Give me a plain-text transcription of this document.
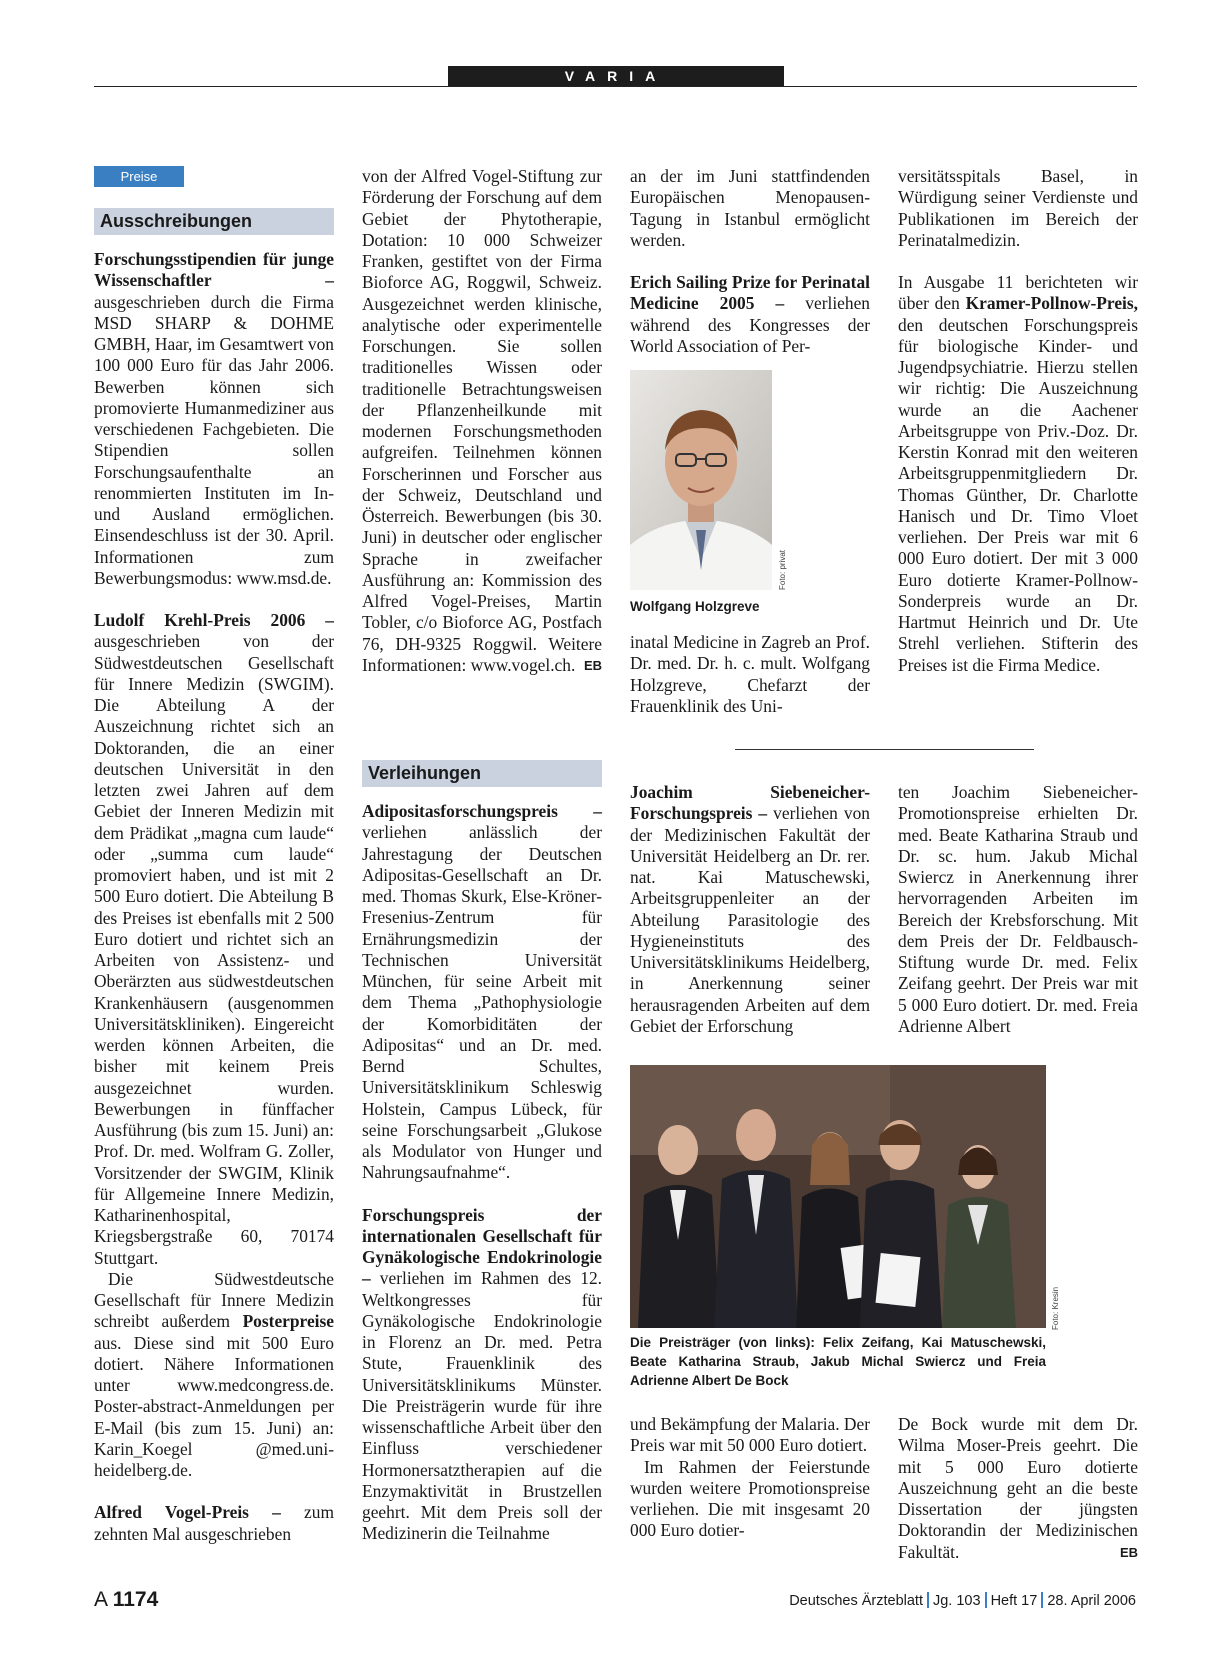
VARIA
Preise
Ausschreibungen

Forschungsstipendien für junge Wissenschaftler – ausgeschrieben durch die Firma MSD SHARP & DOHME GMBH, Haar, im Gesamtwert von 100 000 Euro für das Jahr 2006. Bewerben können sich promovierte Humanmediziner aus verschiedenen Fachgebieten. Die Stipendien sollen Forschungsaufenthalte an renommierten Instituten im In- und Ausland ermöglichen. Einsendeschluss ist der 30. April. Informationen zum Bewerbungsmodus: www.msd.de.

Ludolf Krehl-Preis 2006 – ausgeschrieben von der Südwestdeutschen Gesellschaft für Innere Medizin (SWGIM). Die Abteilung A der Auszeichnung richtet sich an Doktoranden, die an einer deutschen Universität in den letzten zwei Jahren auf dem Gebiet der Inneren Medizin mit dem Prädikat „magna cum laude“ oder „summa cum laude“ promoviert haben, und ist mit 2 500 Euro dotiert. Die Abteilung B des Preises ist ebenfalls mit 2 500 Euro dotiert und richtet sich an Arbeiten von Assistenz- und Oberärzten aus südwestdeutschen Krankenhäusern (ausgenommen Universitätskliniken). Eingereicht werden können Arbeiten, die bisher mit keinem Preis ausgezeichnet wurden. Bewerbungen in fünffacher Ausführung (bis zum 15. Juni) an: Prof. Dr. med. Wolfram G. Zoller, Vorsitzender der SWGIM, Klinik für Allgemeine Innere Medizin, Katharinenhospital, Kriegsbergstraße 60, 70174 Stuttgart.

Die Südwestdeutsche Gesellschaft für Innere Medizin schreibt außerdem Posterpreise aus. Diese sind mit 500 Euro dotiert. Nähere Informationen unter www.medcongress.de. Poster-abstract-Anmeldungen per E-Mail (bis zum 15. Juni) an: Karin_Koegel @med.uni-heidelberg.de.

Alfred Vogel-Preis – zum zehnten Mal ausgeschrieben

von der Alfred Vogel-Stiftung zur Förderung der Forschung auf dem Gebiet der Phytotherapie, Dotation: 10 000 Schweizer Franken, gestiftet von der Firma Bioforce AG, Roggwil, Schweiz. Ausgezeichnet werden klinische, analytische oder experimentelle Forschungen. Sie sollen traditionelles Wissen oder traditionelle Betrachtungsweisen der Pflanzenheilkunde mit modernen Forschungsmethoden aufgreifen. Teilnehmen können Forscherinnen und Forscher aus der Schweiz, Deutschland und Österreich. Bewerbungen (bis 30. Juni) in deutscher oder englischer Sprache in zweifacher Ausführung an: Kommission des Alfred Vogel-Preises, Martin Tobler, c/o Bioforce AG, Postfach 76, DH-9325 Roggwil. Weitere Informationen: www.vogel.ch. EB

Verleihungen

Adipositasforschungspreis – verliehen anlässlich der Jahrestagung der Deutschen Adipositas-Gesellschaft an Dr. med. Thomas Skurk, Else-Kröner-Fresenius-Zentrum für Ernährungsmedizin der Technischen Universität München, für seine Arbeit mit dem Thema „Pathophysiologie der Komorbiditäten der Adipositas“ und an Dr. med. Bernd Schultes, Universitätsklinikum Schleswig Holstein, Campus Lübeck, für seine Forschungsarbeit „Glukose als Modulator von Hunger und Nahrungsaufnahme“.

Forschungspreis der internationalen Gesellschaft für Gynäkologische Endokrinologie – verliehen im Rahmen des 12. Weltkongresses für Gynäkologische Endokrinologie in Florenz an Dr. med. Petra Stute, Frauenklinik des Universitätsklinikums Münster. Die Preisträgerin wurde für ihre wissenschaftliche Arbeit über den Einfluss verschiedener Hormonersatztherapien auf die Enzymaktivität in Brustzellen geehrt. Mit dem Preis soll der Medizinerin die Teilnahme

an der im Juni stattfindenden Europäischen Menopausen-Tagung in Istanbul ermöglicht werden.

Erich Sailing Prize for Perinatal Medicine 2005 – verliehen während des Kongresses der World Association of Per-

Foto: privat
Wolfgang Holzgreve

inatal Medicine in Zagreb an Prof. Dr. med. Dr. h. c. mult. Wolfgang Holzgreve, Chefarzt der Frauenklinik des Uni-

versitätsspitals Basel, in Würdigung seiner Verdienste und Publikationen im Bereich der Perinatalmedizin.

In Ausgabe 11 berichteten wir über den Kramer-Pollnow-Preis, den deutschen Forschungspreis für biologische Kinder- und Jugendpsychiatrie. Hierzu stellen wir richtig: Die Auszeichnung wurde an die Aachener Arbeitsgruppe von Priv.-Doz. Dr. Kerstin Konrad mit den weiteren Arbeitsgruppenmitgliedern Dr. Thomas Günther, Dr. Charlotte Hanisch und Dr. Timo Vloet verliehen. Der Preis war mit 6 000 Euro dotiert. Der mit 3 000 Euro dotierte Kramer-Pollnow-Sonderpreis wurde an Dr. Hartmut Heinrich und Dr. Ute Strehl verliehen. Stifterin des Preises ist die Firma Medice.

Joachim Siebeneicher-Forschungspreis – verliehen von der Medizinischen Fakultät der Universität Heidelberg an Dr. rer. nat. Kai Matuschewski, Arbeitsgruppenleiter an der Abteilung Parasitologie des Hygieneinstituts des Universitätsklinikums Heidelberg, in Anerkennung seiner herausragenden Arbeiten auf dem Gebiet der Erforschung

ten Joachim Siebeneicher-Promotionspreise erhielten Dr. med. Beate Katharina Straub und Dr. sc. hum. Jakub Michal Swiercz in Anerkennung ihrer hervorragenden Arbeiten im Bereich der Krebsforschung. Mit dem Preis der Dr. Feldbausch-Stiftung wurde Dr. med. Felix Zeifang geehrt. Der Preis war mit 5 000 Euro dotiert. Dr. med. Freia Adrienne Albert

Foto: Kresin
Die Preisträger (von links): Felix Zeifang, Kai Matuschewski, Beate Katharina Straub, Jakub Michal Swiercz und Freia Adrienne Albert De Bock

und Bekämpfung der Malaria. Der Preis war mit 50 000 Euro dotiert.

Im Rahmen der Feierstunde wurden weitere Promotionspreise verliehen. Die mit insgesamt 20 000 Euro dotier-

De Bock wurde mit dem Dr. Wilma Moser-Preis geehrt. Die mit 5 000 Euro dotierte Auszeichnung geht an die beste Dissertation der jüngsten Doktorandin der Medizinischen Fakultät.	EB

A 1174	Deutsches Ärzteblatt Jg. 103 Heft 17 28. April 2006
